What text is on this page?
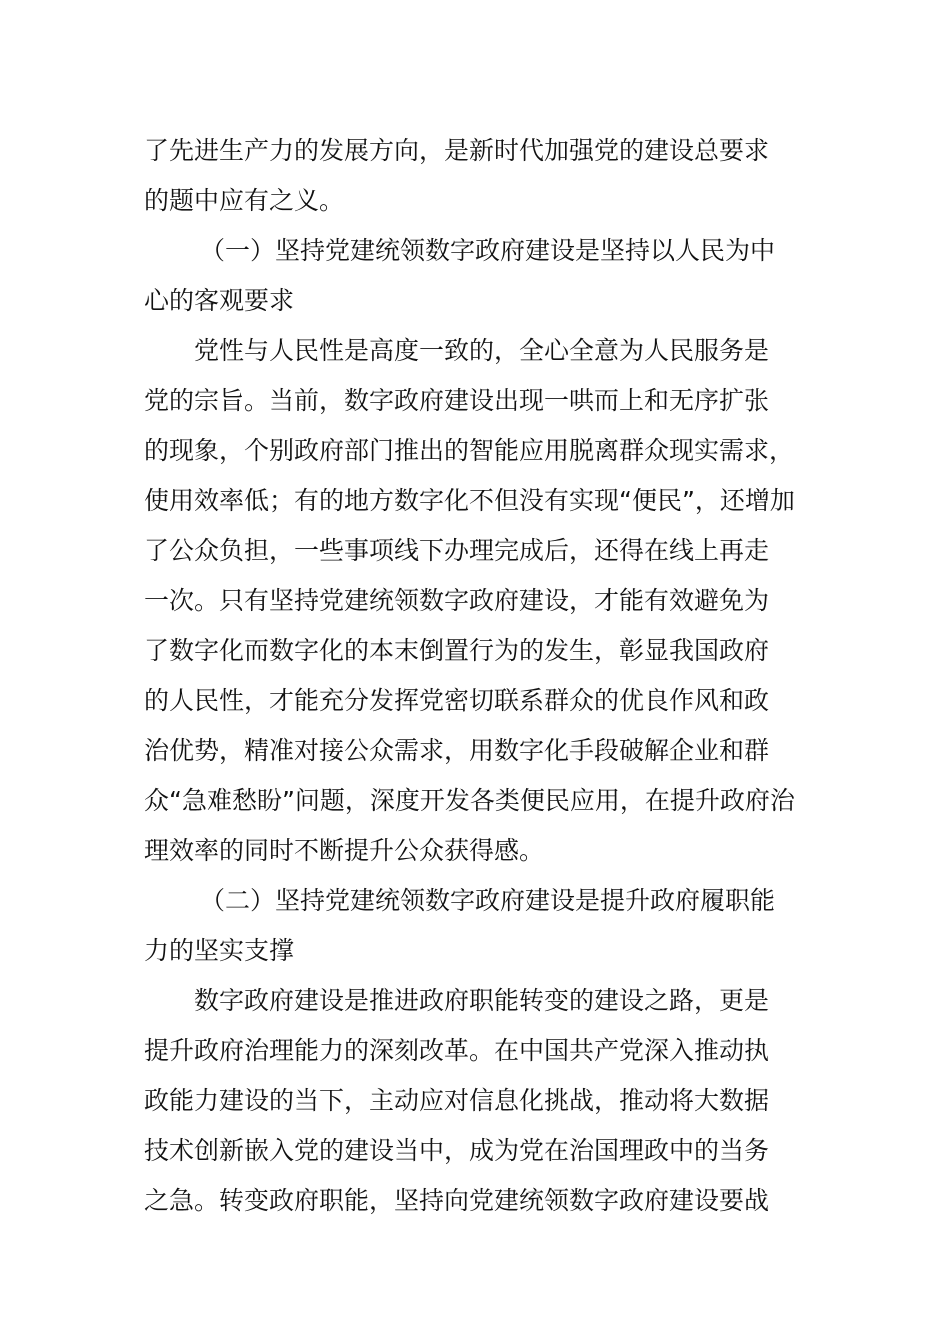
了先进生产力的发展方向，是新时代加强党的建设总要求
的题中应有之义。
（一）坚持党建统领数字政府建设是坚持以人民为中
心的客观要求
党性与人民性是高度一致的，全心全意为人民服务是
党的宗旨。当前，数字政府建设出现一哄而上和无序扩张
的现象，个别政府部门推出的智能应用脱离群众现实需求，
使用效率低；有的地方数字化不但没有实现“便民”，还增加
了公众负担，一些事项线下办理完成后，还得在线上再走
一次。只有坚持党建统领数字政府建设，才能有效避免为
了数字化而数字化的本末倒置行为的发生，彰显我国政府
的人民性，才能充分发挥党密切联系群众的优良作风和政
治优势，精准对接公众需求，用数字化手段破解企业和群
众“急难愁盼”问题，深度开发各类便民应用，在提升政府治
理效率的同时不断提升公众获得感。
（二）坚持党建统领数字政府建设是提升政府履职能
力的坚实支撑
数字政府建设是推进政府职能转变的建设之路，更是
提升政府治理能力的深刻改革。在中国共产党深入推动执
政能力建设的当下，主动应对信息化挑战，推动将大数据
技术创新嵌入党的建设当中，成为党在治国理政中的当务
之急。转变政府职能，坚持向党建统领数字政府建设要战
